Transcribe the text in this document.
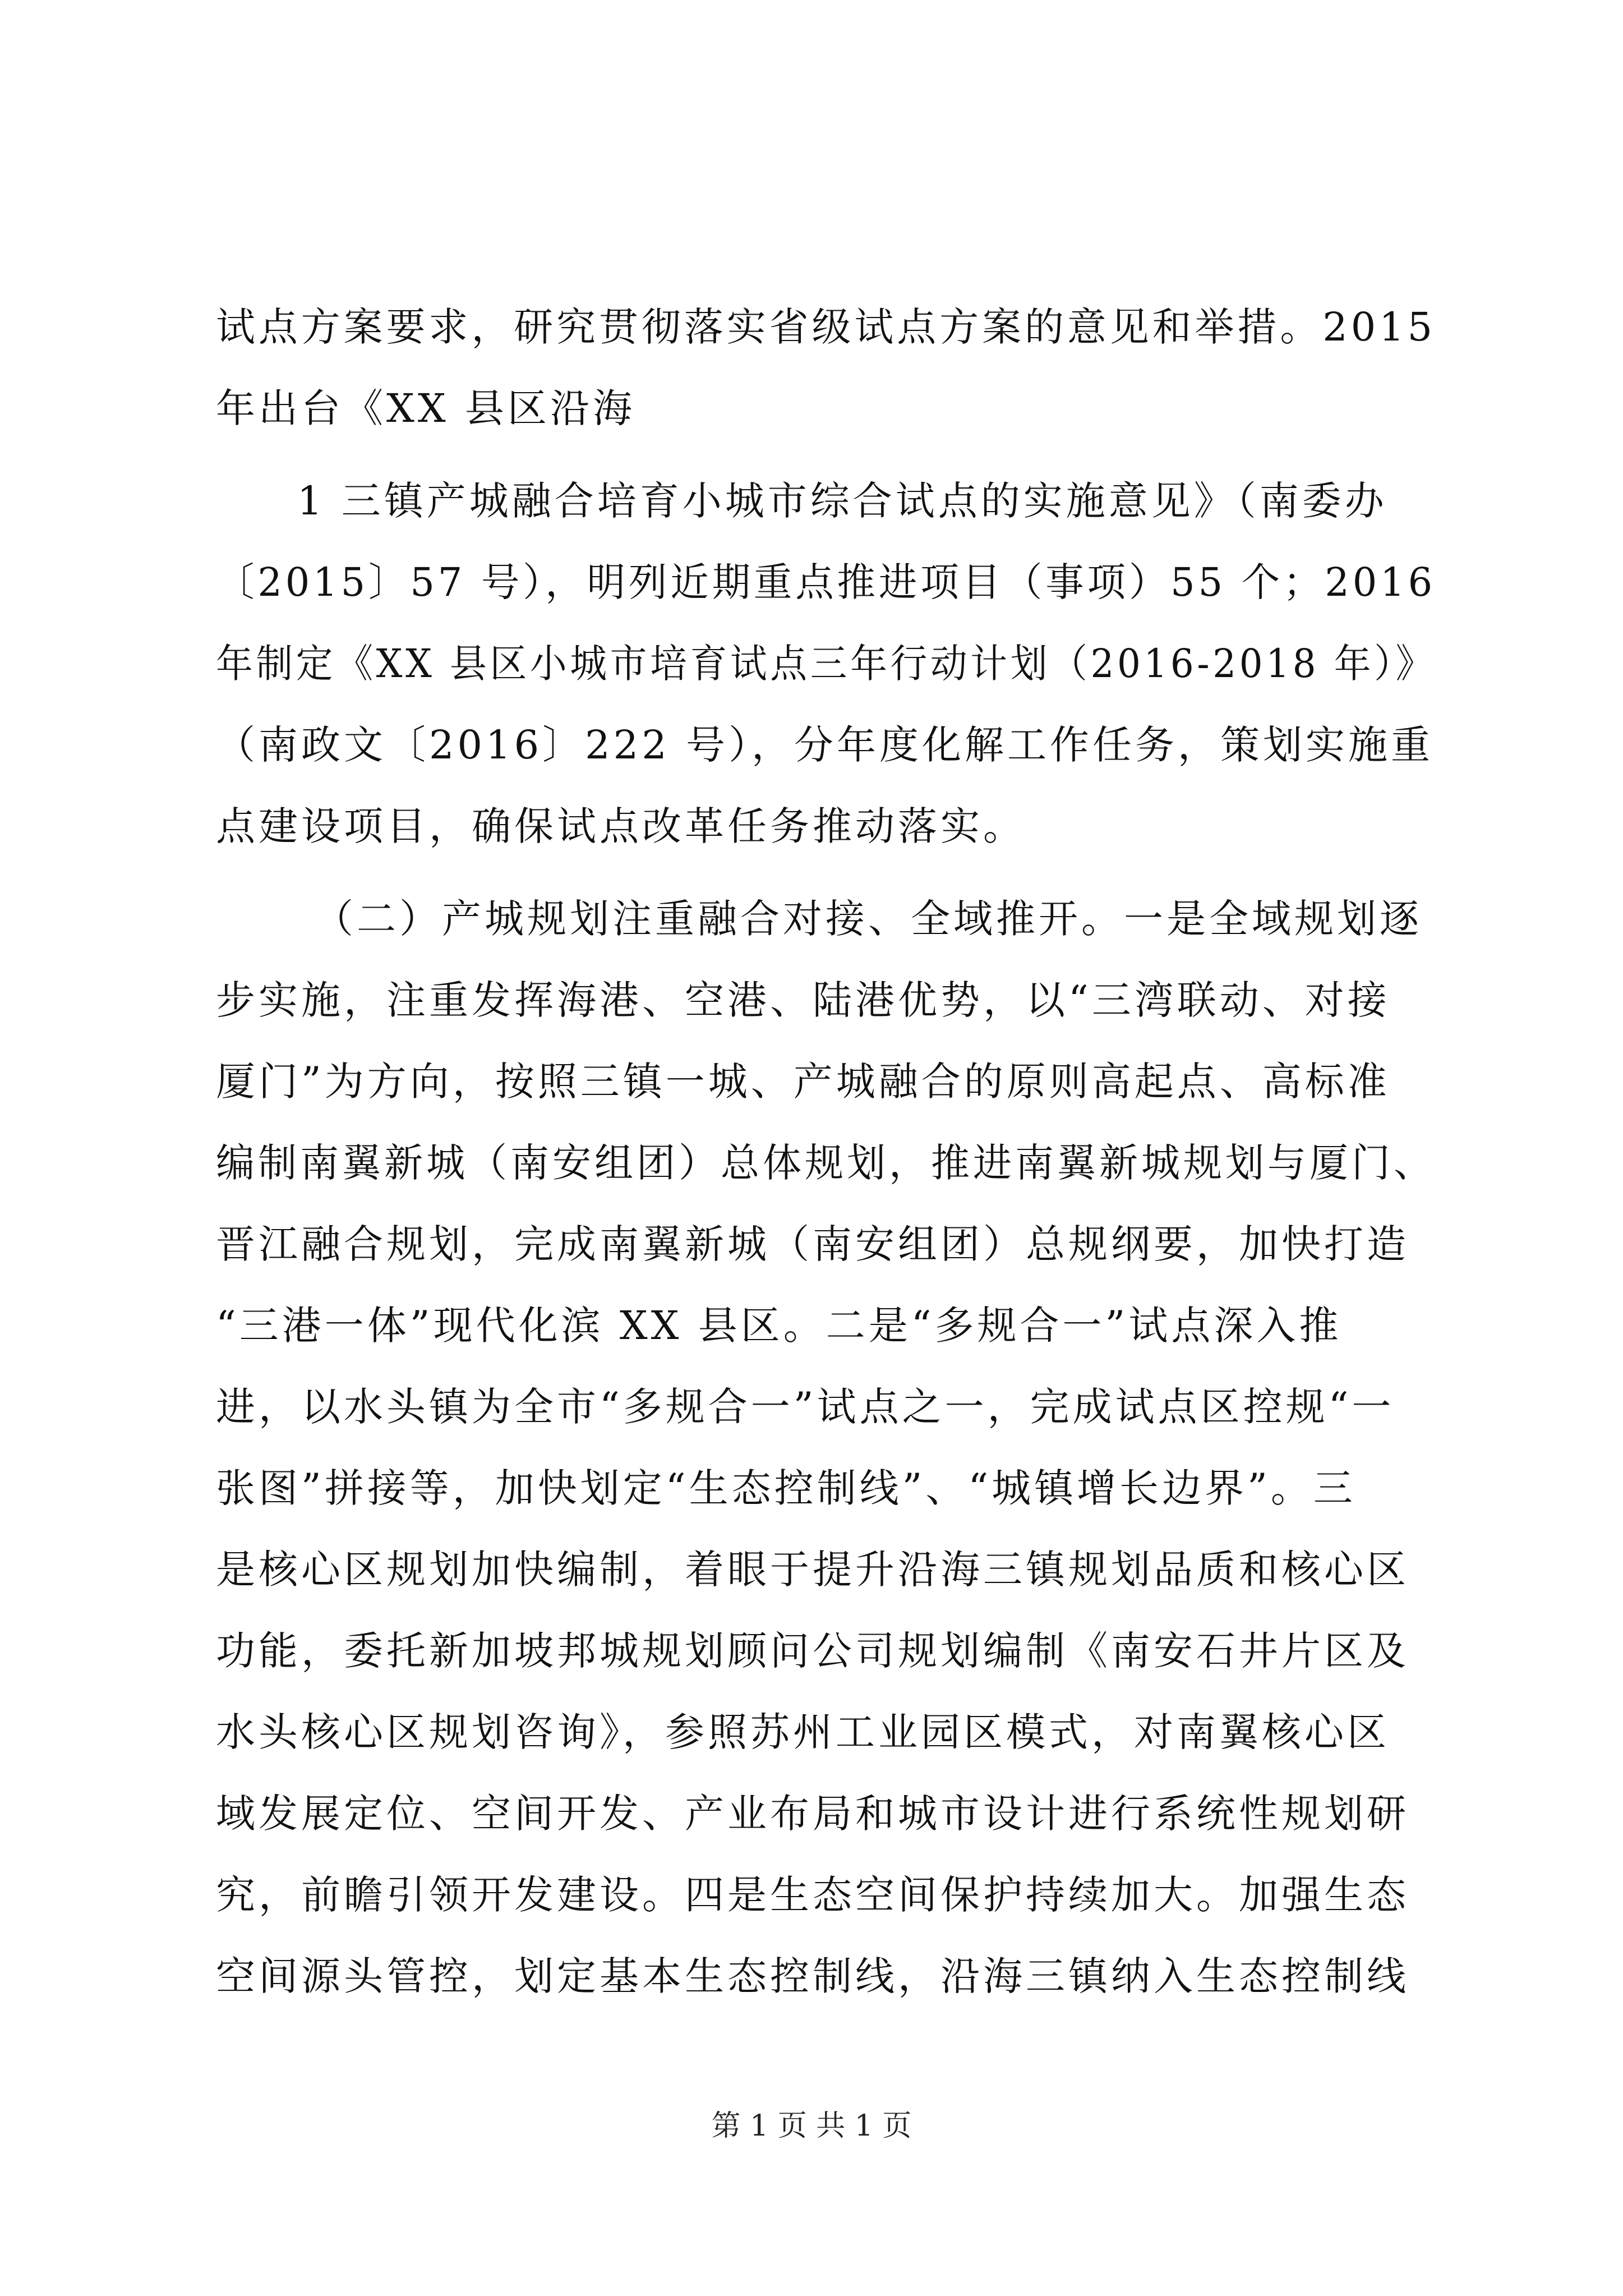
试点方案要求，研究贯彻落实省级试点方案的意见和举措。2015
年出台《XX 县区沿海
1 三镇产城融合培育小城市综合试点的实施意见》（南委办
〔2015〕57 号），明列近期重点推进项目（事项）55 个；2016
年制定《XX 县区小城市培育试点三年行动计划（2016-2018 年）》
（南政文〔2016〕222 号），分年度化解工作任务，策划实施重
点建设项目，确保试点改革任务推动落实。
（二）产城规划注重融合对接、全域推开。一是全域规划逐
步实施，注重发挥海港、空港、陆港优势，以“三湾联动、对接
厦门”为方向，按照三镇一城、产城融合的原则高起点、高标准
编制南翼新城（南安组团）总体规划，推进南翼新城规划与厦门、
晋江融合规划，完成南翼新城（南安组团）总规纲要，加快打造
“三港一体”现代化滨 XX 县区。二是“多规合一”试点深入推
进，以水头镇为全市“多规合一”试点之一，完成试点区控规“一
张图”拼接等，加快划定“生态控制线”、“城镇增长边界”。三
是核心区规划加快编制，着眼于提升沿海三镇规划品质和核心区
功能，委托新加坡邦城规划顾问公司规划编制《南安石井片区及
水头核心区规划咨询》，参照苏州工业园区模式，对南翼核心区
域发展定位、空间开发、产业布局和城市设计进行系统性规划研
究，前瞻引领开发建设。四是生态空间保护持续加大。加强生态
空间源头管控，划定基本生态控制线，沿海三镇纳入生态控制线
第 1 页 共 1 页
